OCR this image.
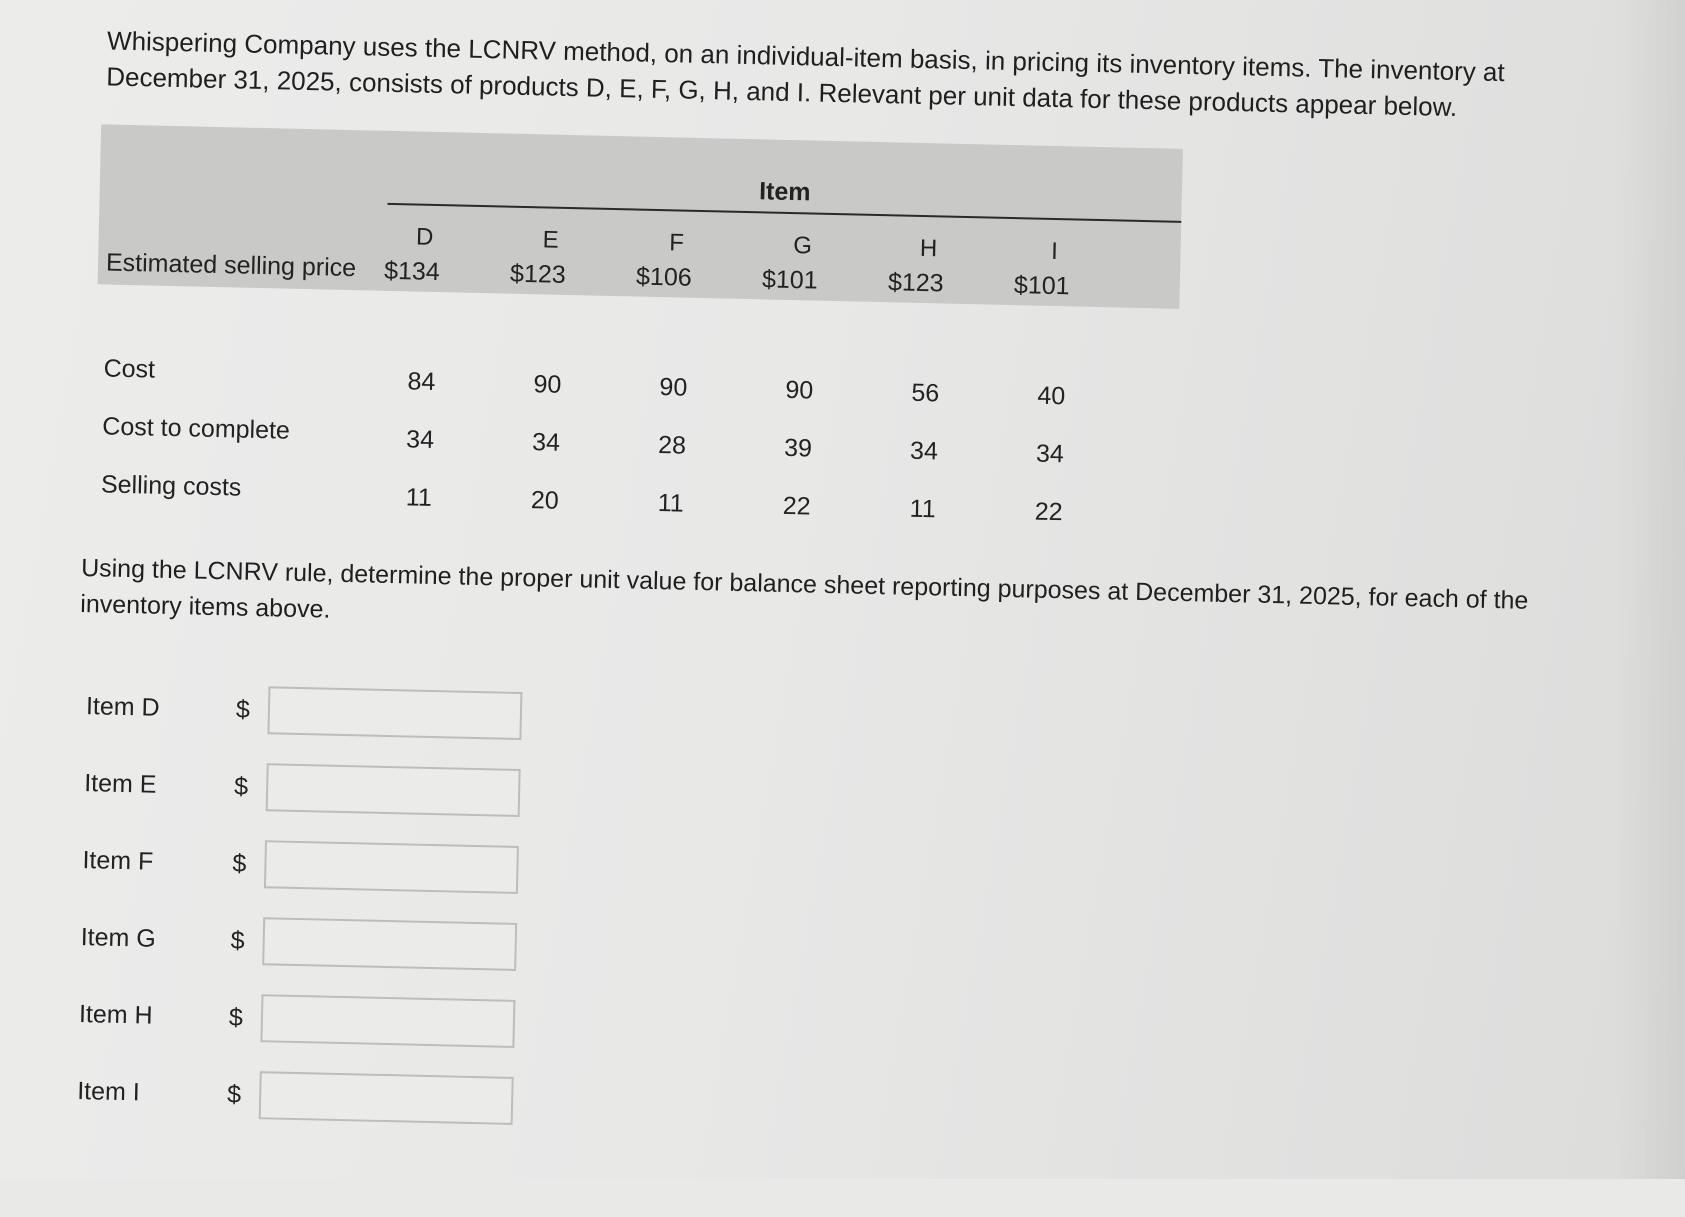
Whispering Company uses the LCNRV method, on an individual-item basis, in pricing its inventory items. The inventory at December 31, 2025, consists of products D, E, F, G, H, and I. Relevant per unit data for these products appear below.

Item
D	E	F	G	H	I
Estimated selling price	$134	$123	$106	$101	$123	$101
Cost	84	90	90	90	56	40
Cost to complete	34	34	28	39	34	34
Selling costs	11	20	11	22	11	22

Using the LCNRV rule, determine the proper unit value for balance sheet reporting purposes at December 31, 2025, for each of the inventory items above.

Item D	$
Item E	$
Item F	$
Item G	$
Item H	$
Item I	$
